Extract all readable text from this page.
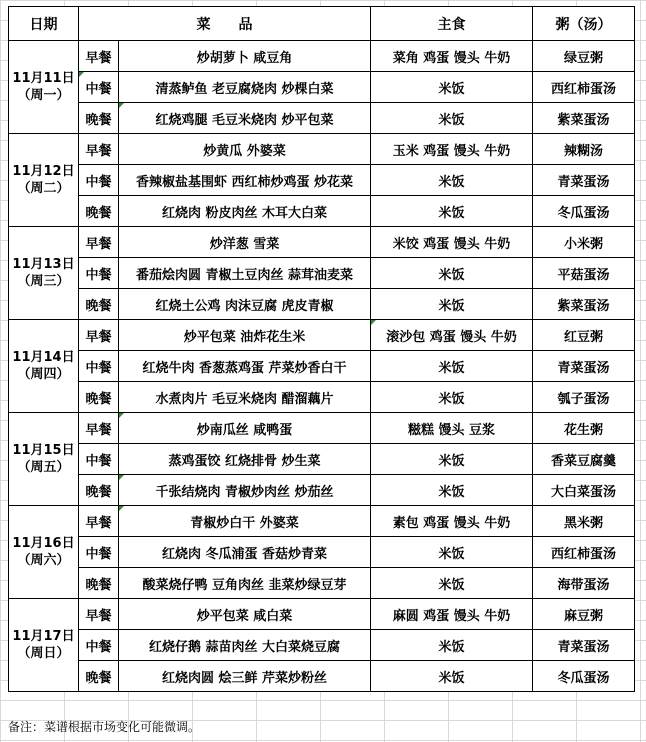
日期	菜　　品		主食	粥（汤）

11月11日
（周一）	早餐	炒胡萝卜 咸豆角	菜角 鸡蛋 馒头 牛奶	绿豆粥
	中餐	清蒸鲈鱼 老豆腐烧肉 炒棵白菜	米饭	西红柿蛋汤
	晚餐	红烧鸡腿 毛豆米烧肉 炒平包菜	米饭	紫菜蛋汤

11月12日
（周二）	早餐	炒黄瓜 外婆菜	玉米 鸡蛋 馒头 牛奶	辣糊汤
	中餐	香辣椒盐基围虾 西红柿炒鸡蛋 炒花菜	米饭	青菜蛋汤
	晚餐	红烧肉 粉皮肉丝 木耳大白菜	米饭	冬瓜蛋汤

11月13日
（周三）	早餐	炒洋葱 雪菜	米饺 鸡蛋 馒头 牛奶	小米粥
	中餐	番茄烩肉圆 青椒土豆肉丝 蒜茸油麦菜	米饭	平菇蛋汤
	晚餐	红烧土公鸡 肉沫豆腐 虎皮青椒	米饭	紫菜蛋汤

11月14日
（周四）	早餐	炒平包菜 油炸花生米	滚沙包 鸡蛋 馒头 牛奶	红豆粥
	中餐	红烧牛肉 香葱蒸鸡蛋 芹菜炒香白干	米饭	青菜蛋汤
	晚餐	水煮肉片 毛豆米烧肉 醋溜藕片	米饭	瓠子蛋汤

11月15日
（周五）	早餐	炒南瓜丝 咸鸭蛋	糍糕 馒头 豆浆	花生粥
	中餐	蒸鸡蛋饺 红烧排骨 炒生菜	米饭	香菜豆腐羹
	晚餐	千张结烧肉 青椒炒肉丝 炒茄丝	米饭	大白菜蛋汤

11月16日
（周六）	早餐	青椒炒白干 外婆菜	素包 鸡蛋 馒头 牛奶	黑米粥
	中餐	红烧肉 冬瓜浦蛋 香菇炒青菜	米饭	西红柿蛋汤
	晚餐	酸菜烧仔鸭 豆角肉丝 韭菜炒绿豆芽	米饭	海带蛋汤

11月17日
（周日）	早餐	炒平包菜 咸白菜	麻圆 鸡蛋 馒头 牛奶	麻豆粥
	中餐	红烧仔鹅 蒜苗肉丝 大白菜烧豆腐	米饭	青菜蛋汤
	晚餐	红烧肉圆 烩三鲜 芹菜炒粉丝	米饭	冬瓜蛋汤
备注：菜谱根据市场变化可能微调。
